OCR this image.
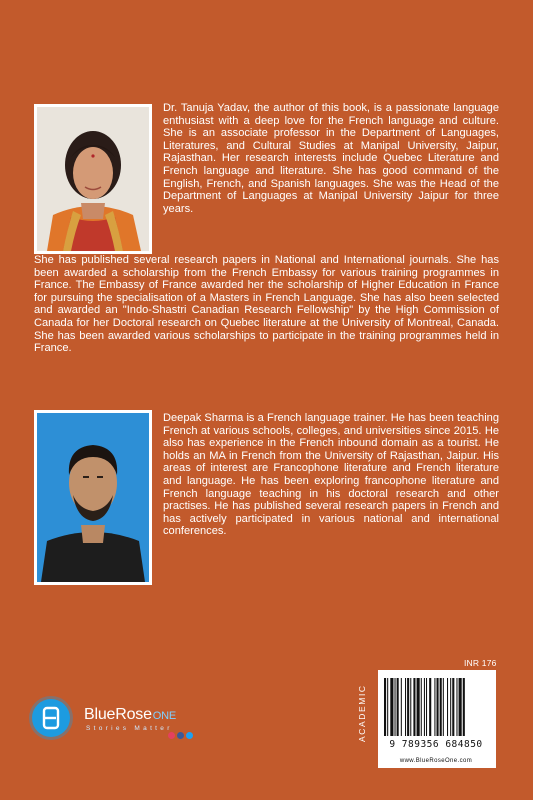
Dr. Tanuja Yadav, the author of this book, is a passionate language enthusiast with a deep love for the French language and culture. She is an associate professor in the Department of Languages, Literatures, and Cultural Studies at Manipal University, Jaipur, Rajasthan. Her research interests include Quebec Literature and French language and literature. She has good command of the English, French, and Spanish languages. She was the Head of the Department of Languages at Manipal University Jaipur for three years.

She has published several research papers in National and International journals. She has been awarded a scholarship from the French Embassy for various training programmes in France. The Embassy of France awarded her the scholarship of Higher Education in France for pursuing the specialisation of a Masters in French Language. She has also been selected and awarded an "Indo-Shastri Canadian Research Fellowship" by the High Commission of Canada for her Doctoral research on Quebec literature at the University of Montreal, Canada. She has been awarded various scholarships to participate in the training programmes held in France.

Deepak Sharma is a French language trainer. He has been teaching French at various schools, colleges, and universities since 2015. He also has experience in the French inbound domain as a tourist. He holds an MA in French from the University of Rajasthan, Jaipur. His areas of interest are Francophone literature and French literature and language. He has been exploring francophone literature and French language teaching in his doctoral research and other practises. He has published several research papers in French and has actively participated in various national and international conferences.

BlueRoseONE
Stories Matter
INR 176
ACADEMIC
9 789356 684850
www.BlueRoseOne.com
